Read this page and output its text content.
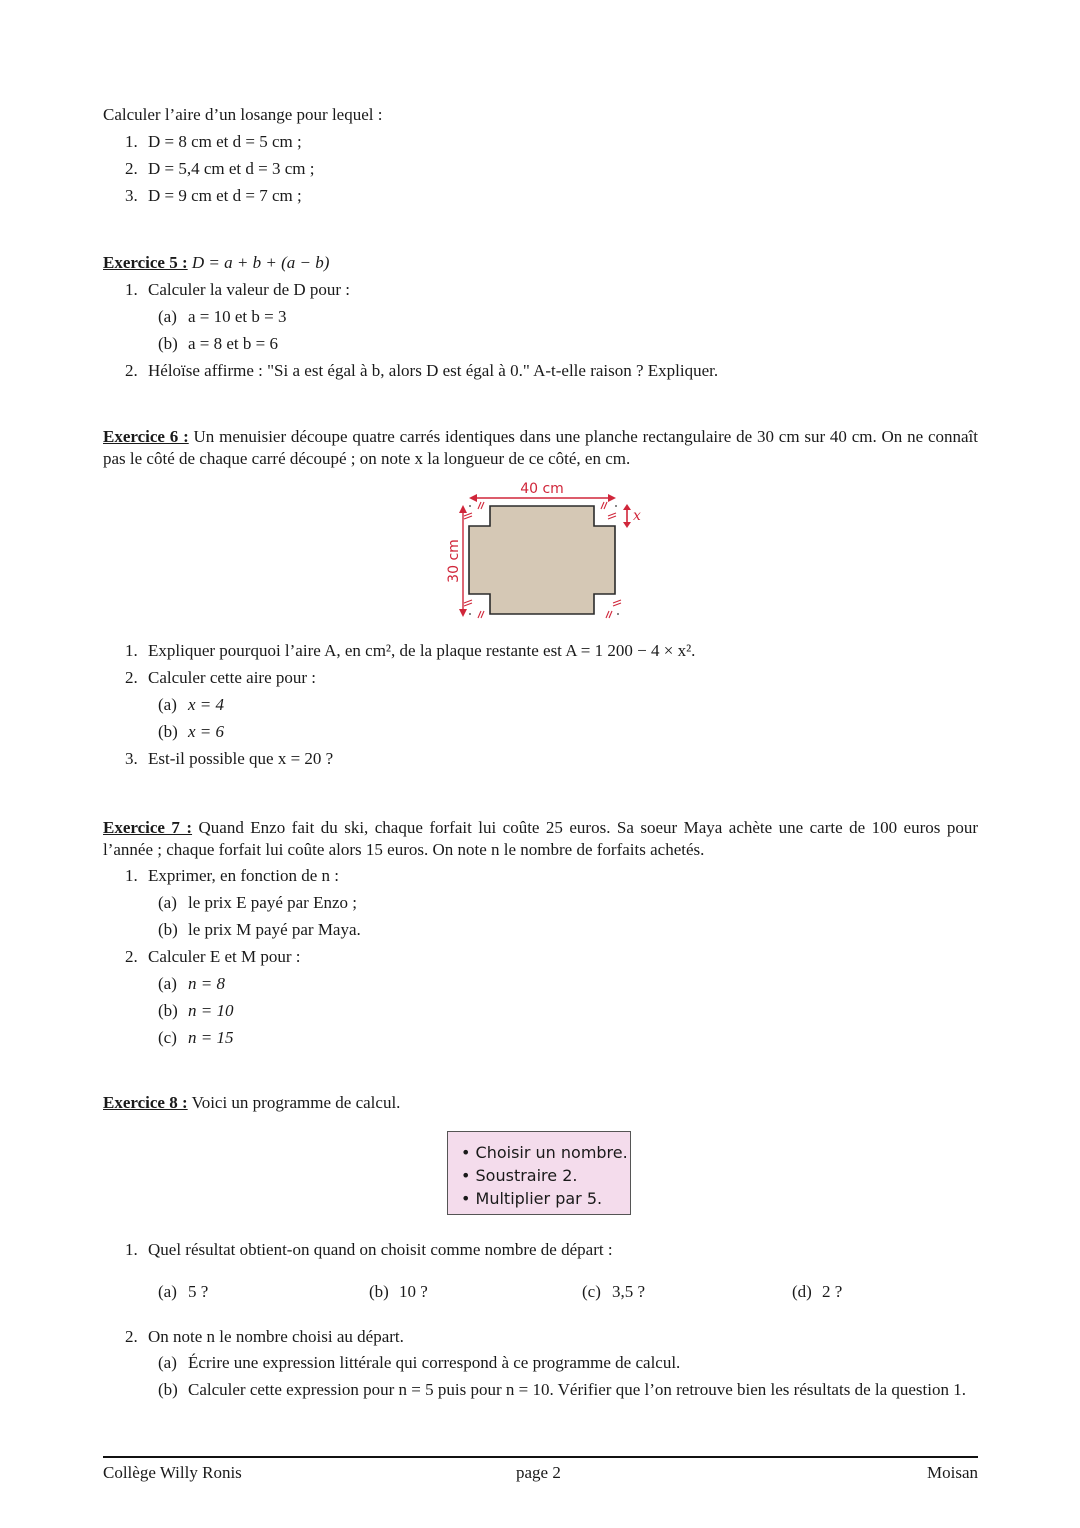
Calculer l’aire d’un losange pour lequel :
1. D = 8 cm et d = 5 cm ;
2. D = 5,4 cm et d = 3 cm ;
3. D = 9 cm et d = 7 cm ;
Exercice 5 : D = a + b + (a − b)
1. Calculer la valeur de D pour :
(a) a = 10 et b = 3
(b) a = 8 et b = 6
2. Héloïse affirme : "Si a est égal à b, alors D est égal à 0." A-t-elle raison ? Expliquer.
Exercice 6 : Un menuisier découpe quatre carrés identiques dans une planche rectangulaire de 30 cm sur 40 cm. On ne connaît pas le côté de chaque carré découpé ; on note x la longueur de ce côté, en cm.
40 cm
30 cm
x
1. Expliquer pourquoi l’aire A, en cm², de la plaque restante est A = 1 200 − 4 × x².
2. Calculer cette aire pour :
(a) x = 4
(b) x = 6
3. Est-il possible que x = 20 ?
Exercice 7 : Quand Enzo fait du ski, chaque forfait lui coûte 25 euros. Sa soeur Maya achète une carte de 100 euros pour l’année ; chaque forfait lui coûte alors 15 euros. On note n le nombre de forfaits achetés.
1. Exprimer, en fonction de n :
(a) le prix E payé par Enzo ;
(b) le prix M payé par Maya.
2. Calculer E et M pour :
(a) n = 8
(b) n = 10
(c) n = 15
Exercice 8 : Voici un programme de calcul.
• Choisir un nombre.
• Soustraire 2.
• Multiplier par 5.
1. Quel résultat obtient-on quand on choisit comme nombre de départ :
(a) 5 ?	(b) 10 ?	(c) 3,5 ?	(d) 2 ?
2. On note n le nombre choisi au départ.
(a) Écrire une expression littérale qui correspond à ce programme de calcul.
(b) Calculer cette expression pour n = 5 puis pour n = 10. Vérifier que l’on retrouve bien les résultats de la question 1.
Collège Willy Ronis	page 2	Moisan
